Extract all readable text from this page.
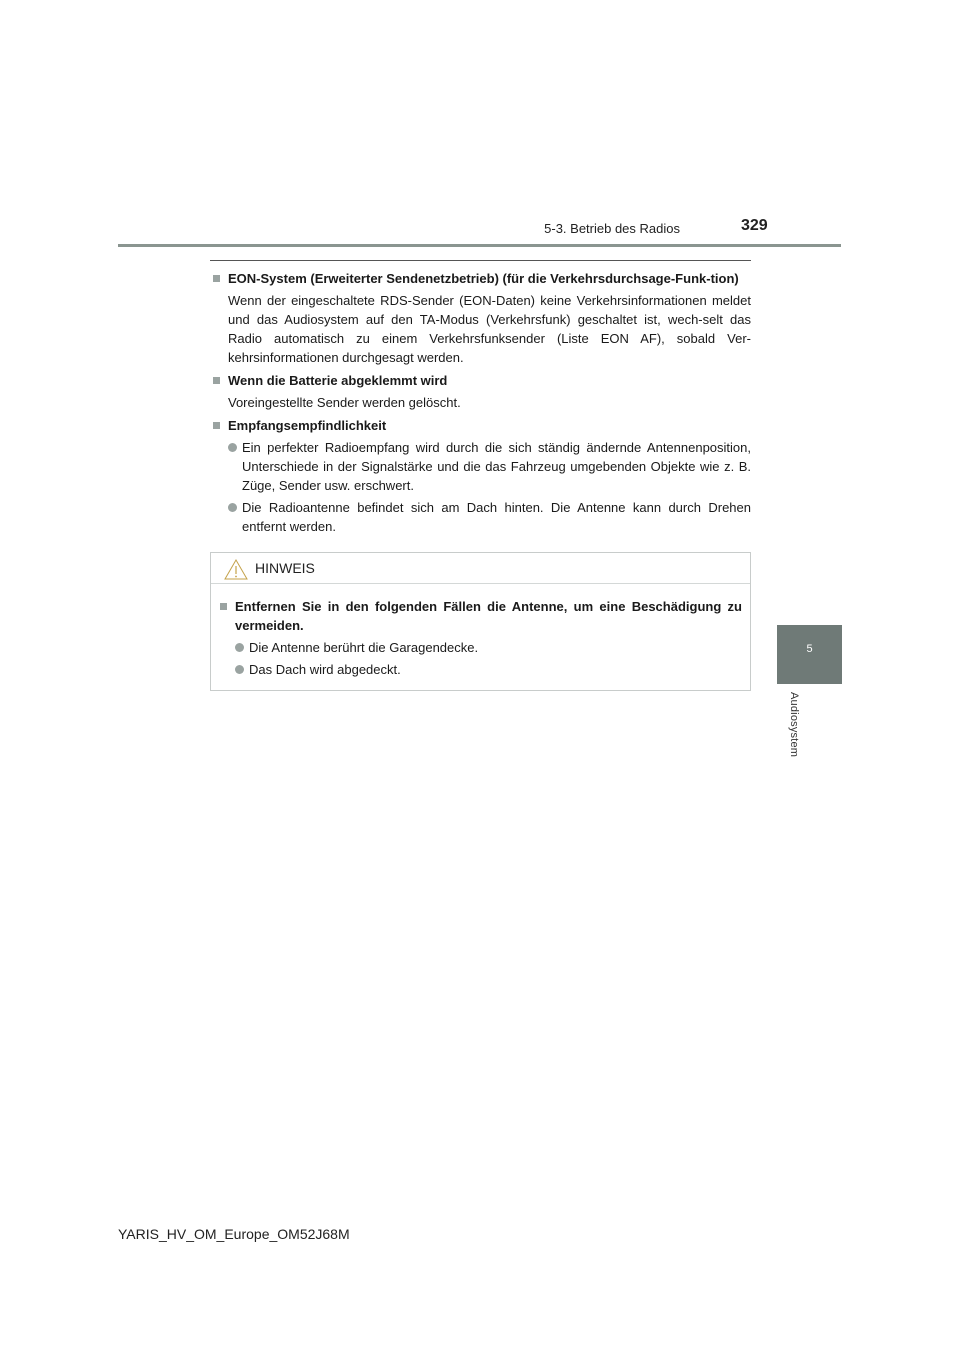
5-3. Betrieb des Radios	329
5
Audiosystem
EON-System (Erweiterter Sendenetzbetrieb) (für die Verkehrsdurchsage-Funk-tion)
Wenn der eingeschaltete RDS-Sender (EON-Daten) keine Verkehrsinformationen meldet und das Audiosystem auf den TA-Modus (Verkehrsfunk) geschaltet ist, wech-selt das Radio automatisch zu einem Verkehrsfunksender (Liste EON AF), sobald Ver-kehrsinformationen durchgesagt werden.
Wenn die Batterie abgeklemmt wird
Voreingestellte Sender werden gelöscht.
Empfangsempfindlichkeit
Ein perfekter Radioempfang wird durch die sich ständig ändernde Antennenposition, Unterschiede in der Signalstärke und die das Fahrzeug umgebenden Objekte wie z. B. Züge, Sender usw. erschwert.
Die Radioantenne befindet sich am Dach hinten. Die Antenne kann durch Drehen entfernt werden.
HINWEIS
Entfernen Sie in den folgenden Fällen die Antenne, um eine Beschädigung zu vermeiden.
Die Antenne berührt die Garagendecke.
Das Dach wird abgedeckt.
YARIS_HV_OM_Europe_OM52J68M
